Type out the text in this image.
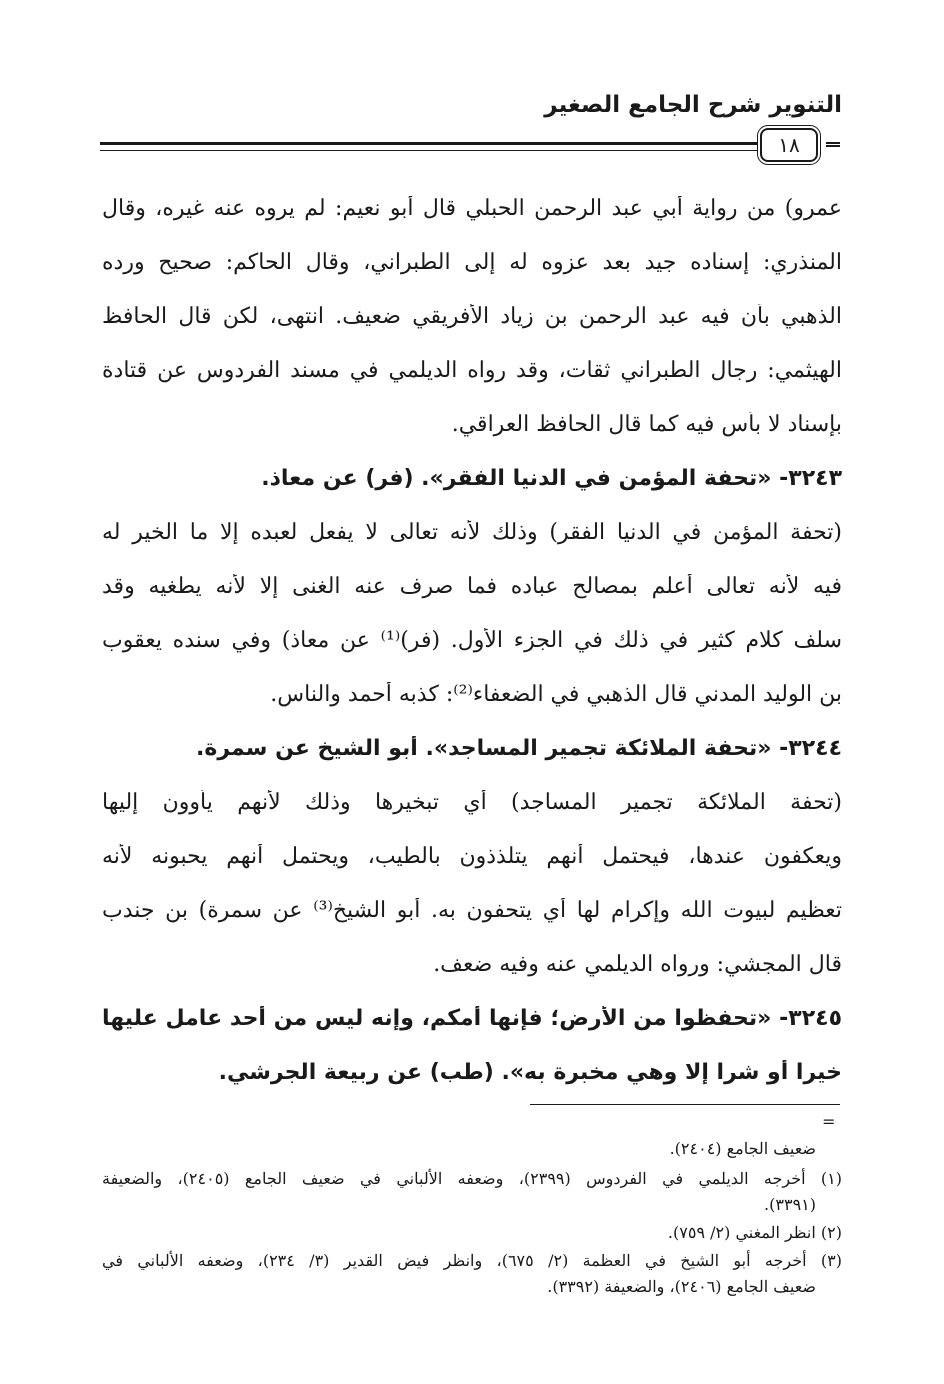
التنوير شرح الجامع الصغير
١٨
عمرو) من رواية أبي عبد الرحمن الحبلي قال أبو نعيم: لم يروه عنه غيره، وقال
المنذري: إسناده جيد بعد عزوه له إلى الطبراني، وقال الحاكم: صحيح ورده
الذهبي بأن فيه عبد الرحمن بن زياد الأفريقي ضعيف. انتهى، لكن قال الحافظ
الهيثمي: رجال الطبراني ثقات، وقد رواه الديلمي في مسند الفردوس عن قتادة
بإسناد لا بأس فيه كما قال الحافظ العراقي.
٣٢٤٣- «تحفة المؤمن في الدنيا الفقر». (فر) عن معاذ.
(تحفة المؤمن في الدنيا الفقر) وذلك لأنه تعالى لا يفعل لعبده إلا ما الخير له
فيه لأنه تعالى أعلم بمصالح عباده فما صرف عنه الغنى إلا لأنه يطغيه وقد
سلف كلام كثير في ذلك في الجزء الأول. (فر)⁽¹⁾ عن معاذ) وفي سنده يعقوب
بن الوليد المدني قال الذهبي في الضعفاء⁽²⁾: كذبه أحمد والناس.
٣٢٤٤- «تحفة الملائكة تجمير المساجد». أبو الشيخ عن سمرة.
(تحفة الملائكة تجمير المساجد) أي تبخيرها وذلك لأنهم يأوون إليها
ويعكفون عندها، فيحتمل أنهم يتلذذون بالطيب، ويحتمل أنهم يحبونه لأنه
تعظيم لبيوت الله وإكرام لها أي يتحفون به. أبو الشيخ⁽³⁾ عن سمرة) بن جندب
قال المجشي: ورواه الديلمي عنه وفيه ضعف.
٣٢٤٥- «تحفظوا من الأرض؛ فإنها أمكم، وإنه ليس من أحد عامل عليها
خيرا أو شرا إلا وهي مخبرة به». (طب) عن ربيعة الجرشي.
=
ضعيف الجامع (٢٤٠٤).
(١) أخرجه الديلمي في الفردوس (٢٣٩٩)، وضعفه الألباني في ضعيف الجامع (٢٤٠٥)، والضعيفة
(٣٣٩١).
(٢) انظر المغني (٢/ ٧٥٩).
(٣) أخرجه أبو الشيخ في العظمة (٢/ ٦٧٥)، وانظر فيض القدير (٣/ ٢٣٤)، وضعفه الألباني في
ضعيف الجامع (٢٤٠٦)، والضعيفة (٣٣٩٢).
